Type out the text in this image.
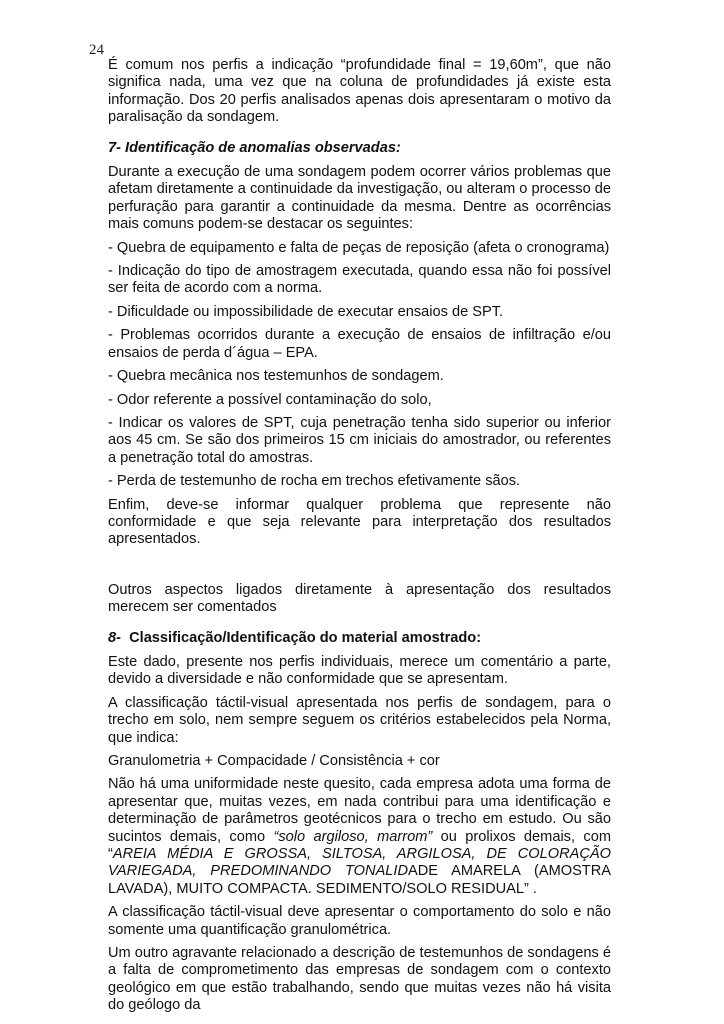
24

É comum nos perfis a indicação “profundidade final = 19,60m”, que não significa nada, uma vez que na coluna de profundidades já existe esta informação. Dos 20 perfis analisados apenas dois apresentaram o motivo da paralisação da sondagem.

7- Identificação de anomalias observadas:

Durante a execução de uma sondagem podem ocorrer vários problemas que afetam diretamente a continuidade da investigação, ou alteram o processo de perfuração para garantir a continuidade da mesma. Dentre as ocorrências mais comuns podem-se destacar os seguintes:

- Quebra de equipamento e falta de peças de reposição (afeta o cronograma)

- Indicação do tipo de amostragem executada, quando essa não foi possível ser feita de acordo com a norma.

- Dificuldade ou impossibilidade de executar ensaios de SPT.

- Problemas ocorridos durante a execução de ensaios de infiltração e/ou ensaios de perda d´água – EPA.

- Quebra mecânica nos testemunhos de sondagem.

- Odor referente a possível contaminação do solo,

- Indicar os valores de SPT, cuja penetração tenha sido superior ou inferior aos 45 cm. Se são dos primeiros 15 cm iniciais do amostrador, ou referentes a penetração total do amostras.

- Perda de testemunho de rocha em trechos efetivamente sãos.

Enfim, deve-se informar qualquer problema que represente não conformidade e que seja relevante para interpretação dos resultados apresentados.

Outros aspectos ligados diretamente à apresentação dos resultados merecem ser comentados

8- Classificação/Identificação do material amostrado:

Este dado, presente nos perfis individuais, merece um comentário a parte, devido a diversidade e não conformidade que se apresentam.

A classificação táctil-visual apresentada nos perfis de sondagem, para o trecho em solo, nem sempre seguem os critérios estabelecidos pela Norma, que indica:

Granulometria + Compacidade / Consistência + cor

Não há uma uniformidade neste quesito, cada empresa adota uma forma de apresentar que, muitas vezes, em nada contribui para uma identificação e determinação de parâmetros geotécnicos para o trecho em estudo. Ou são sucintos demais, como “solo argiloso, marrom” ou prolixos demais, com “AREIA MÉDIA E GROSSA, SILTOSA, ARGILOSA, DE COLORAÇÃO VARIEGADA, PREDOMINANDO TONALIDADE AMARELA (AMOSTRA LAVADA), MUITO COMPACTA. SEDIMENTO/SOLO RESIDUAL” .

A classificação táctil-visual deve apresentar o comportamento do solo e não somente uma quantificação granulométrica.

Um outro agravante relacionado a descrição de testemunhos de sondagens é a falta de comprometimento das empresas de sondagem com o contexto geológico em que estão trabalhando, sendo que muitas vezes não há visita do geólogo da
